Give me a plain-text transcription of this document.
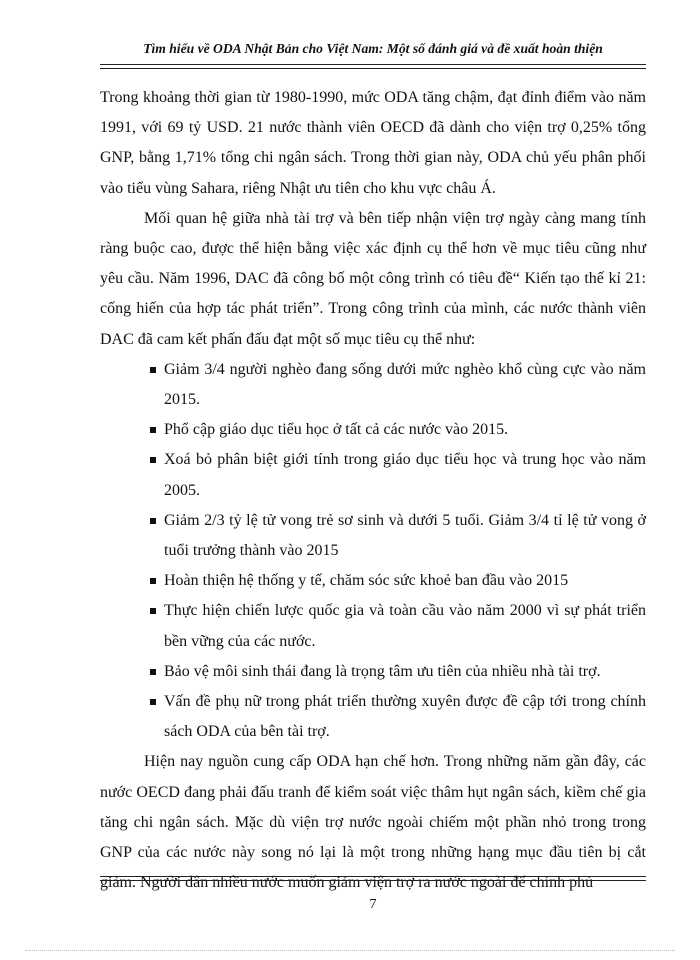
Tìm hiểu về ODA Nhật Bản cho Việt Nam: Một số đánh giá và đề xuất hoàn thiện

Trong khoảng thời gian từ 1980-1990, mức ODA tăng chậm, đạt đỉnh điểm vào năm 1991, với 69 tỷ USD. 21 nước thành viên OECD đã dành cho viện trợ 0,25% tổng GNP, bằng 1,71% tổng chi ngân sách. Trong thời gian này, ODA chủ yếu phân phối vào tiểu vùng Sahara, riêng Nhật ưu tiên cho khu vực châu Á.

Mối quan hệ giữa nhà tài trợ và bên tiếp nhận viện trợ ngày càng mang tính ràng buộc cao, được thể hiện bằng việc xác định cụ thể hơn về mục tiêu cũng như yêu cầu. Năm 1996, DAC đã công bố một công trình có tiêu đề“ Kiến tạo thế kỉ 21: cống hiến của hợp tác phát triển”. Trong công trình của mình, các nước thành viên DAC đã cam kết phấn đấu đạt một số mục tiêu cụ thể như:

Giảm 3/4 người nghèo đang sống dưới mức nghèo khổ cùng cực vào năm 2015.
Phổ cập giáo dục tiểu học ở tất cả các nước vào 2015.
Xoá bỏ phân biệt giới tính trong giáo dục tiểu học và trung học vào năm 2005.
Giảm 2/3 tỷ lệ tử vong trẻ sơ sinh và dưới 5 tuổi. Giảm 3/4 tỉ lệ tử vong ở tuổi trưởng thành vào 2015
Hoàn thiện hệ thống y tế, chăm sóc sức khoẻ ban đầu vào 2015
Thực hiện chiến lược quốc gia và toàn cầu vào năm 2000 vì sự phát triển bền vững của các nước.
Bảo vệ môi sinh thái đang là trọng tâm ưu tiên của nhiều nhà tài trợ.
Vấn đề phụ nữ trong phát triển thường xuyên được đề cập tới trong chính sách ODA của bên tài trợ.

Hiện nay nguồn cung cấp ODA hạn chế hơn. Trong những năm gần đây, các nước OECD đang phải đấu tranh để kiểm soát việc thâm hụt ngân sách, kiềm chế gia tăng chi ngân sách. Mặc dù viện trợ nước ngoài chiếm một phần nhỏ trong trong GNP của các nước này song nó lại là một trong những hạng mục đầu tiên bị cắt giảm. Người dân nhiều nước muốn giảm viện trợ ra nước ngoài để chính phủ

7
